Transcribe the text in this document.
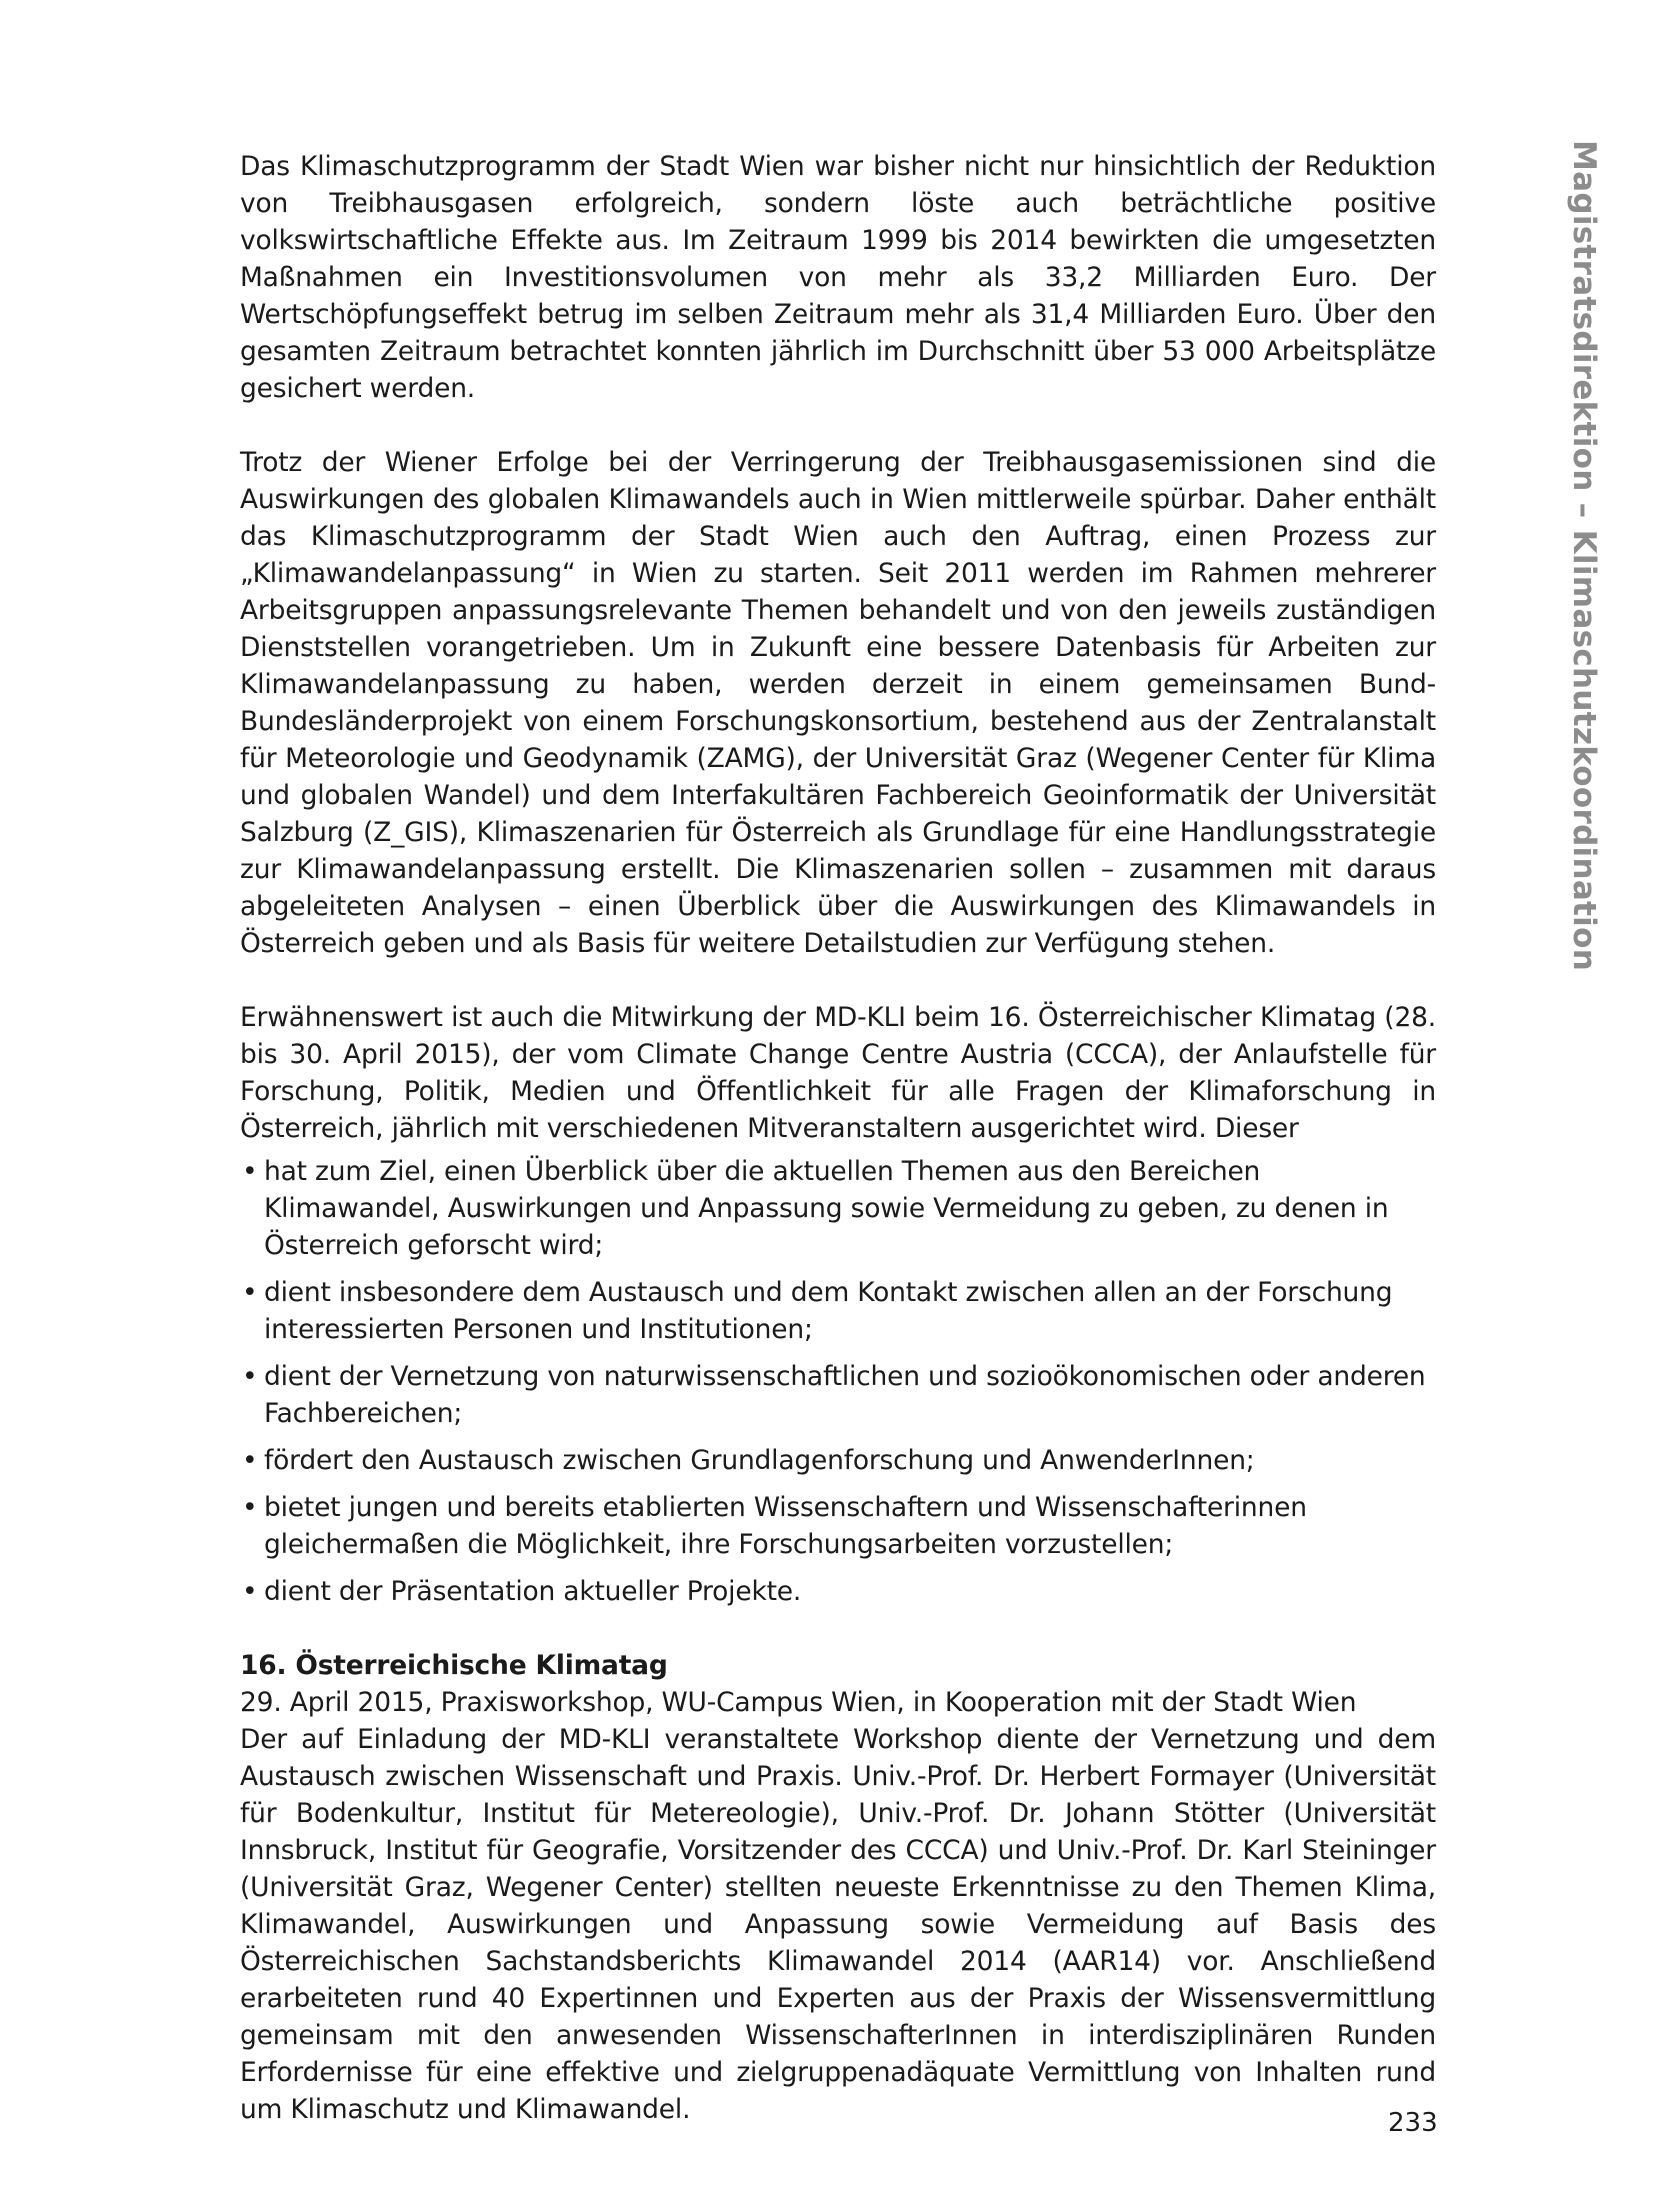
Magistratsdirektion – Klimaschutzkoordination

Das Klimaschutzprogramm der Stadt Wien war bisher nicht nur hinsichtlich der Reduktion von Treibhausgasen erfolgreich, sondern löste auch beträchtliche positive volkswirtschaftliche Effekte aus. Im Zeitraum 1999 bis 2014 bewirkten die umgesetzten Maßnahmen ein Investitionsvolumen von mehr als 33,2 Milliarden Euro. Der Wertschöpfungseffekt betrug im selben Zeitraum mehr als 31,4 Milliarden Euro. Über den gesamten Zeitraum betrachtet konnten jährlich im Durchschnitt über 53 000 Arbeitsplätze gesichert werden.

Trotz der Wiener Erfolge bei der Verringerung der Treibhausgasemissionen sind die Auswirkungen des globalen Klimawandels auch in Wien mittlerweile spürbar. Daher enthält das Klimaschutzprogramm der Stadt Wien auch den Auftrag, einen Prozess zur „Klimawandelanpassung“ in Wien zu starten. Seit 2011 werden im Rahmen mehrerer Arbeitsgruppen anpassungsrelevante Themen behandelt und von den jeweils zuständigen Dienststellen vorangetrieben. Um in Zukunft eine bessere Datenbasis für Arbeiten zur Klimawandelanpassung zu haben, werden derzeit in einem gemeinsamen Bund-Bundesländerprojekt von einem Forschungskonsortium, bestehend aus der Zentralanstalt für Meteorologie und Geodynamik (ZAMG), der Universität Graz (Wegener Center für Klima und globalen Wandel) und dem Interfakultären Fachbereich Geoinformatik der Universität Salzburg (Z_GIS), Klimaszenarien für Österreich als Grundlage für eine Handlungsstrategie zur Klimawandelanpassung erstellt. Die Klimaszenarien sollen – zusammen mit daraus abgeleiteten Analysen – einen Überblick über die Auswirkungen des Klimawandels in Österreich geben und als Basis für weitere Detailstudien zur Verfügung stehen.

Erwähnenswert ist auch die Mitwirkung der MD-KLI beim 16. Österreichischer Klimatag (28. bis 30. April 2015), der vom Climate Change Centre Austria (CCCA), der Anlaufstelle für Forschung, Politik, Medien und Öffentlichkeit für alle Fragen der Klimaforschung in Österreich, jährlich mit verschiedenen Mitveranstaltern ausgerichtet wird. Dieser

• hat zum Ziel, einen Überblick über die aktuellen Themen aus den Bereichen Klimawandel, Auswirkungen und Anpassung sowie Vermeidung zu geben, zu denen in Österreich geforscht wird;
• dient insbesondere dem Austausch und dem Kontakt zwischen allen an der Forschung interessierten Personen und Institutionen;
• dient der Vernetzung von naturwissenschaftlichen und sozioökonomischen oder anderen Fachbereichen;
• fördert den Austausch zwischen Grundlagenforschung und AnwenderInnen;
• bietet jungen und bereits etablierten Wissenschaftern und Wissenschafterinnen gleichermaßen die Möglichkeit, ihre Forschungsarbeiten vorzustellen;
• dient der Präsentation aktueller Projekte.

16. Österreichische Klimatag

29. April 2015, Praxisworkshop, WU-Campus Wien, in Kooperation mit der Stadt Wien

Der auf Einladung der MD-KLI veranstaltete Workshop diente der Vernetzung und dem Austausch zwischen Wissenschaft und Praxis. Univ.-Prof. Dr. Herbert Formayer (Universität für Bodenkultur, Institut für Metereologie), Univ.-Prof. Dr. Johann Stötter (Universität Innsbruck, Institut für Geografie, Vorsitzender des CCCA) und Univ.-Prof. Dr. Karl Steininger (Universität Graz, Wegener Center) stellten neueste Erkenntnisse zu den Themen Klima, Klimawandel, Auswirkungen und Anpassung sowie Vermeidung auf Basis des Österreichischen Sachstandsberichts Klimawandel 2014 (AAR14) vor. Anschließend erarbeiteten rund 40 Expertinnen und Experten aus der Praxis der Wissensvermittlung gemeinsam mit den anwesenden WissenschafterInnen in interdisziplinären Runden Erfordernisse für eine effektive und zielgruppenadäquate Vermittlung von Inhalten rund um Klimaschutz und Klimawandel.	233
